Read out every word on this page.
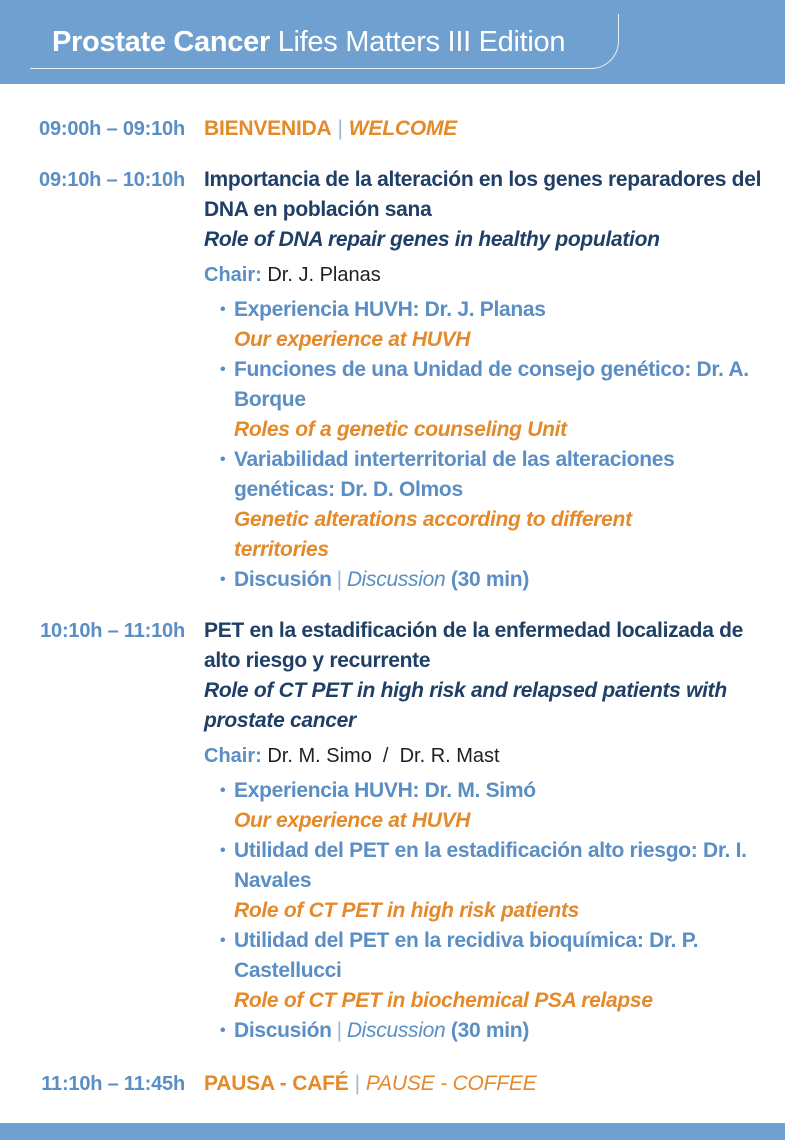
Prostate Cancer Lifes Matters III Edition
09:00h – 09:10h BIENVENIDA | WELCOME
09:10h – 10:10h Importancia de la alteración en los genes reparadores del DNA en población sana
Role of DNA repair genes in healthy population
Chair: Dr. J. Planas
• Experiencia HUVH: Dr. J. Planas
Our experience at HUVH
• Funciones de una Unidad de consejo genético: Dr. A. Borque
Roles of a genetic counseling Unit
• Variabilidad interterritorial de las alteraciones genéticas: Dr. D. Olmos
Genetic alterations according to different territories
• Discusión | Discussion (30 min)
10:10h – 11:10h PET en la estadificación de la enfermedad localizada de alto riesgo y recurrente
Role of CT PET in high risk and relapsed patients with prostate cancer
Chair: Dr. M. Simo  /  Dr. R. Mast
• Experiencia HUVH: Dr. M. Simó
Our experience at HUVH
• Utilidad del PET en la estadificación alto riesgo: Dr. I. Navales
Role of CT PET in high risk patients
• Utilidad del PET en la recidiva bioquímica: Dr. P. Castellucci
Role of CT PET in biochemical PSA relapse
• Discusión | Discussion (30 min)
11:10h – 11:45h PAUSA - CAFÉ | PAUSE - COFFEE
